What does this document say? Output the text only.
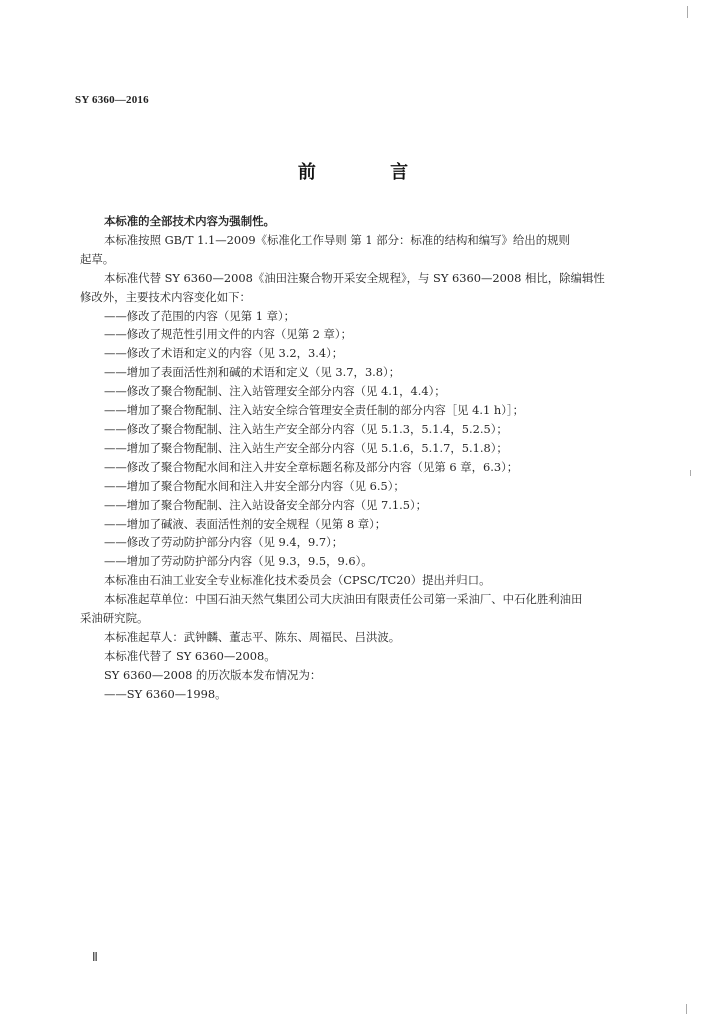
SY 6360—2016
前 言

本标准的全部技术内容为强制性。

本标准按照 GB/T 1.1—2009《标准化工作导则 第 1 部分：标准的结构和编写》给出的规则

起草。

本标准代替 SY 6360—2008《油田注聚合物开采安全规程》，与 SY 6360—2008 相比，除编辑性

修改外，主要技术内容变化如下：

——修改了范围的内容（见第 1 章）；

——修改了规范性引用文件的内容（见第 2 章）；

——修改了术语和定义的内容（见 3.2，3.4）；

——增加了表面活性剂和碱的术语和定义（见 3.7，3.8）；

——修改了聚合物配制、注入站管理安全部分内容（见 4.1，4.4）；

——增加了聚合物配制、注入站安全综合管理安全责任制的部分内容［见 4.1 h）］；

——修改了聚合物配制、注入站生产安全部分内容（见 5.1.3，5.1.4，5.2.5）；

——增加了聚合物配制、注入站生产安全部分内容（见 5.1.6，5.1.7，5.1.8）；

——修改了聚合物配水间和注入井安全章标题名称及部分内容（见第 6 章，6.3）；

——增加了聚合物配水间和注入井安全部分内容（见 6.5）；

——增加了聚合物配制、注入站设备安全部分内容（见 7.1.5）；

——增加了碱液、表面活性剂的安全规程（见第 8 章）；

——修改了劳动防护部分内容（见 9.4，9.7）；

——增加了劳动防护部分内容（见 9.3，9.5，9.6）。

本标准由石油工业安全专业标准化技术委员会（CPSC/TC20）提出并归口。

本标准起草单位：中国石油天然气集团公司大庆油田有限责任公司第一采油厂、中石化胜利油田

采油研究院。

本标准起草人：武钟麟、董志平、陈东、周福民、吕洪波。

本标准代替了 SY 6360—2008。

SY 6360—2008 的历次版本发布情况为：

——SY 6360—1998。

Ⅱ
